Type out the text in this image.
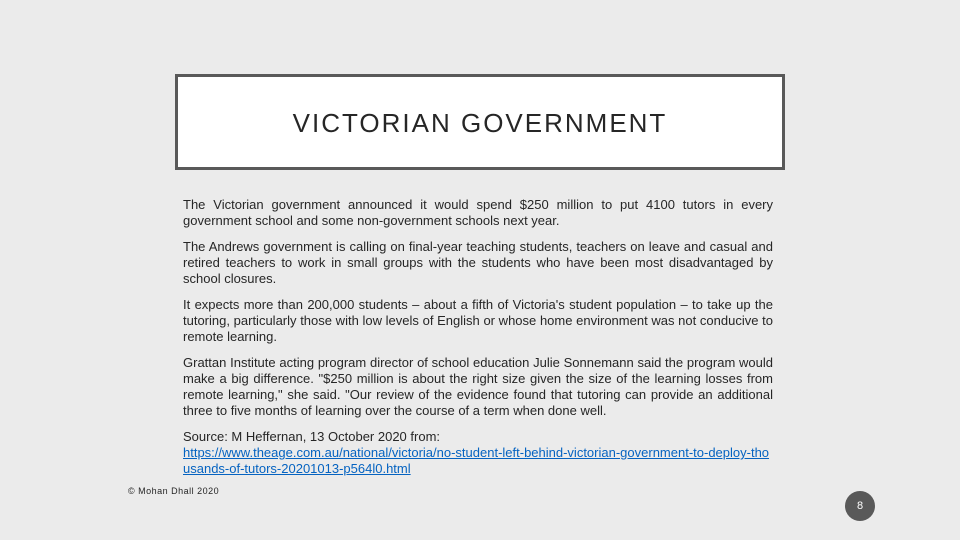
VICTORIAN GOVERNMENT

The Victorian government announced it would spend $250 million to put 4100 tutors in every government school and some non-government schools next year.

The Andrews government is calling on final-year teaching students, teachers on leave and casual and retired teachers to work in small groups with the students who have been most disadvantaged by school closures.

It expects more than 200,000 students – about a fifth of Victoria's student population – to take up the tutoring, particularly those with low levels of English or whose home environment was not conducive to remote learning.

Grattan Institute acting program director of school education Julie Sonnemann said the program would make a big difference. "$250 million is about the right size given the size of the learning losses from remote learning," she said. "Our review of the evidence found that tutoring can provide an additional three to five months of learning over the course of a term when done well.

Source: M Heffernan, 13 October 2020 from:
https://www.theage.com.au/national/victoria/no-student-left-behind-victorian-government-to-deploy-thousands-of-tutors-20201013-p564l0.html

© Mohan Dhall 2020
8
